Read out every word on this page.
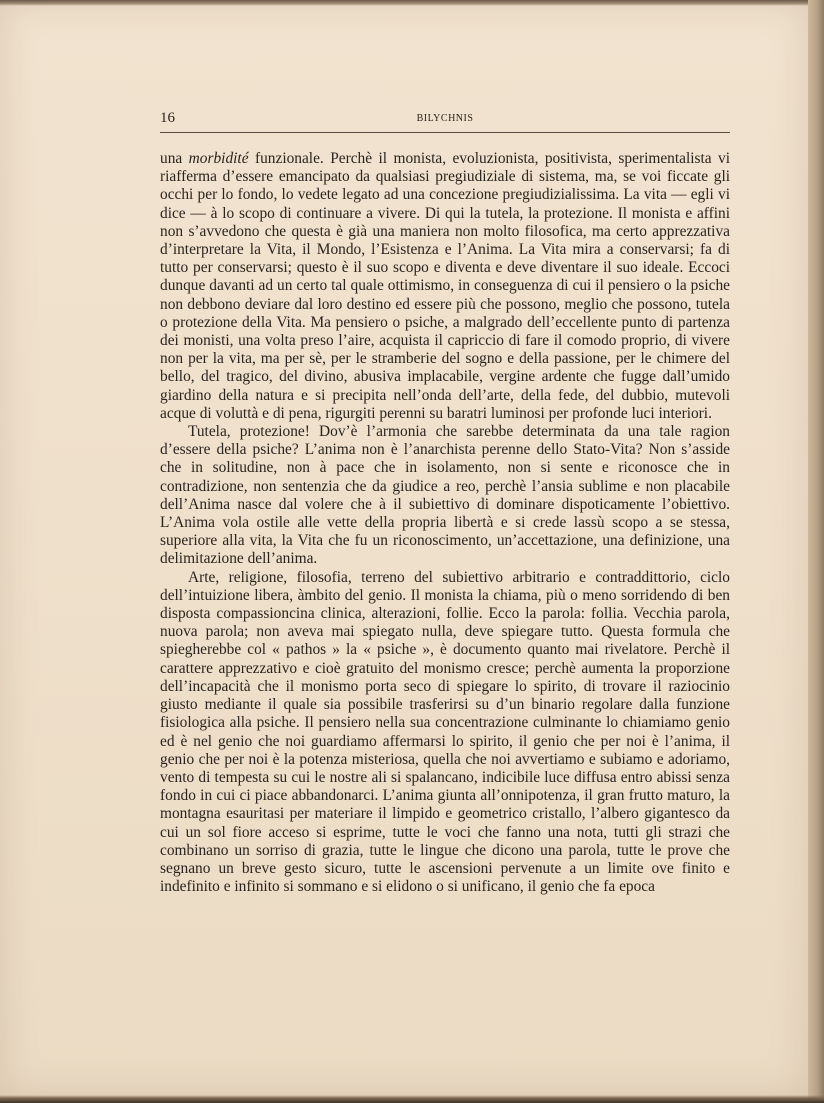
16	BILYCHNIS

una morbidité funzionale. Perchè il monista, evoluzionista, positivista, sperimentalista vi riafferma d’essere emancipato da qualsiasi pregiudiziale di sistema, ma, se voi ficcate gli occhi per lo fondo, lo vedete legato ad una concezione pregiudizialissima. La vita — egli vi dice — à lo scopo di continuare a vivere. Di qui la tutela, la protezione. Il monista e affini non s’avvedono che questa è già una maniera non molto filosofica, ma certo apprezzativa d’interpretare la Vita, il Mondo, l’Esistenza e l’Anima. La Vita mira a conservarsi; fa di tutto per conservarsi; questo è il suo scopo e diventa e deve diventare il suo ideale. Eccoci dunque davanti ad un certo tal quale ottimismo, in conseguenza di cui il pensiero o la psiche non debbono deviare dal loro destino ed essere più che possono, meglio che possono, tutela o protezione della Vita. Ma pensiero o psiche, a malgrado dell’eccellente punto di partenza dei monisti, una volta preso l’aire, acquista il capriccio di fare il comodo proprio, di vivere non per la vita, ma per sè, per le stramberie del sogno e della passione, per le chimere del bello, del tragico, del divino, abusiva implacabile, vergine ardente che fugge dall’umido giardino della natura e si precipita nell’onda dell’arte, della fede, del dubbio, mutevoli acque di voluttà e di pena, rigurgiti perenni su baratri luminosi per profonde luci interiori.

Tutela, protezione! Dov’è l’armonia che sarebbe determinata da una tale ragion d’essere della psiche? L’anima non è l’anarchista perenne dello Stato-Vita? Non s’asside che in solitudine, non à pace che in isolamento, non si sente e riconosce che in contradizione, non sentenzia che da giudice a reo, perchè l’ansia sublime e non placabile dell’Anima nasce dal volere che à il subiettivo di dominare dispoticamente l’obiettivo. L’Anima vola ostile alle vette della propria libertà e si crede lassù scopo a se stessa, superiore alla vita, la Vita che fu un riconoscimento, un’accettazione, una definizione, una delimitazione dell’anima.

Arte, religione, filosofia, terreno del subiettivo arbitrario e contraddittorio, ciclo dell’intuizione libera, àmbito del genio. Il monista la chiama, più o meno sorridendo di ben disposta compassioncina clinica, alterazioni, follie. Ecco la parola: follia. Vecchia parola, nuova parola; non aveva mai spiegato nulla, deve spiegare tutto. Questa formula che spiegherebbe col « pathos » la « psiche », è documento quanto mai rivelatore. Perchè il carattere apprezzativo e cioè gratuito del monismo cresce; perchè aumenta la proporzione dell’incapacità che il monismo porta seco di spiegare lo spirito, di trovare il raziocinio giusto mediante il quale sia possibile trasferirsi su d’un binario regolare dalla funzione fisiologica alla psiche. Il pensiero nella sua concentrazione culminante lo chiamiamo genio ed è nel genio che noi guardiamo affermarsi lo spirito, il genio che per noi è l’anima, il genio che per noi è la potenza misteriosa, quella che noi avvertiamo e subiamo e adoriamo, vento di tempesta su cui le nostre ali si spalancano, indicibile luce diffusa entro abissi senza fondo in cui ci piace abbandonarci. L’anima giunta all’onnipotenza, il gran frutto maturo, la montagna esauritasi per materiare il limpido e geometrico cristallo, l’albero gigantesco da cui un sol fiore acceso si esprime, tutte le voci che fanno una nota, tutti gli strazi che combinano un sorriso di grazia, tutte le lingue che dicono una parola, tutte le prove che segnano un breve gesto sicuro, tutte le ascensioni pervenute a un limite ove finito e indefinito e infinito si sommano e si elidono o si unificano, il genio che fa epoca
